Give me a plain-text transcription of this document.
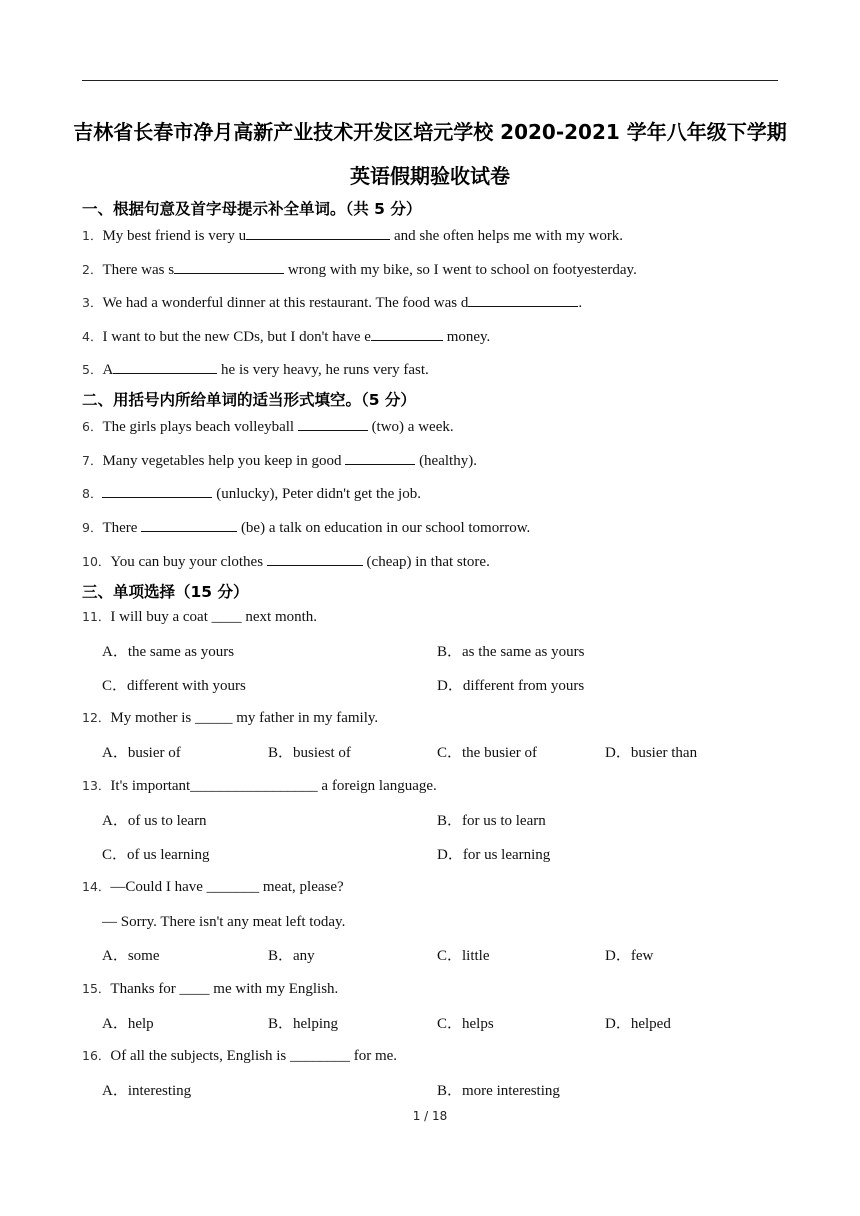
吉林省长春市净月高新产业技术开发区培元学校 2020-2021 学年八年级下学期
英语假期验收试卷
一、根据句意及首字母提示补全单词。（共 5 分）
1．My best friend is very u	and she often helps me with my work.
2．There was s	wrong with my bike, so I went to school on footyesterday.
3．We had a wonderful dinner at this restaurant. The food was d	.
4．I want to but the new CDs, but I don't have e	money.
5．A	he is very heavy, he runs very fast.
二、用括号内所给单词的适当形式填空。（5 分）
6．The girls plays beach volleyball	(two) a week.
7．Many vegetables help you keep in good	(healthy).
8．	(unlucky), Peter didn't get the job.
9．There	(be) a talk on education in our school tomorrow.
10．You can buy your clothes	(cheap) in that store.
三、单项选择（15 分）
11．I will buy a coat ____ next month.
A．the same as yours	B．as the same as yours
C．different with yours	D．different from yours
12．My mother is _____ my father in my family.
A．busier of	B．busiest of	C．the busier of	D．busier than
13．It's important_________________ a foreign language.
A．of us to learn	B．for us to learn
C．of us learning	D．for us learning
14．—Could I have _______ meat, please?
— Sorry. There isn't any meat left today.
A．some	B．any	C．little	D．few
15．Thanks for ____ me with my English.
A．help	B．helping	C．helps	D．helped
16．Of all the subjects, English is ________ for me.
A．interesting	B．more interesting
1 / 18
